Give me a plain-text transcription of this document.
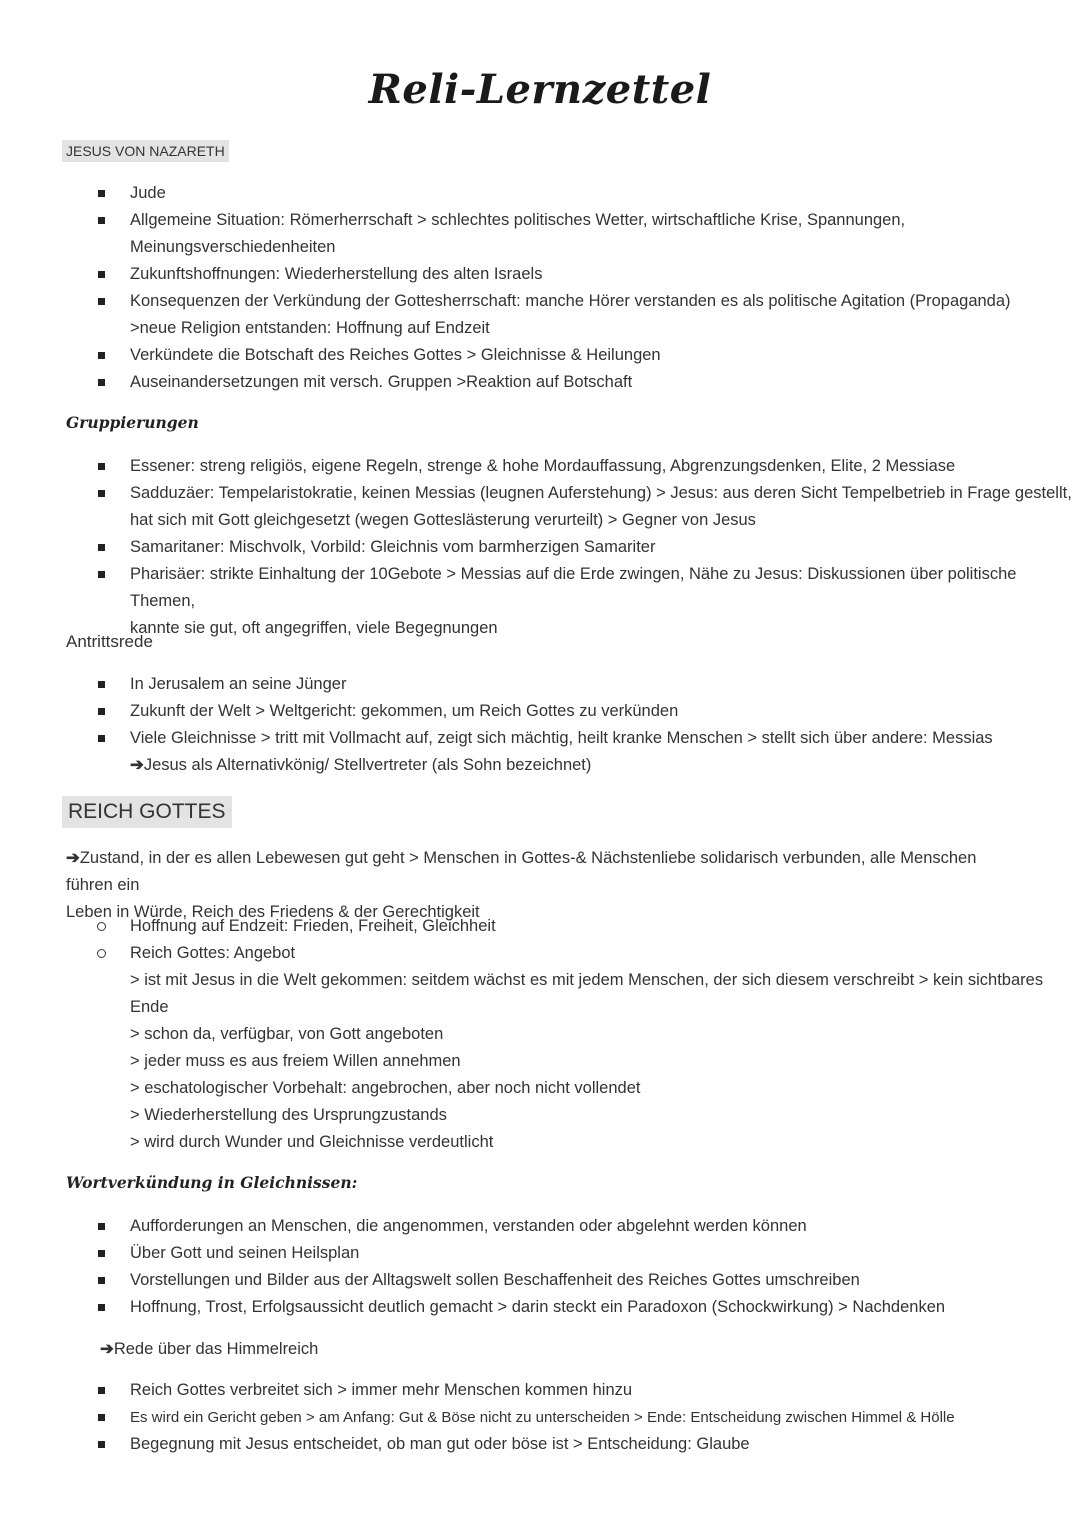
Reli-Lernzettel
JESUS VON NAZARETH
Jude
Allgemeine Situation: Römerherrschaft > schlechtes politisches Wetter, wirtschaftliche Krise, Spannungen,
Meinungsverschiedenheiten
Zukunftshoffnungen: Wiederherstellung des alten Israels
Konsequenzen der Verkündung der Gottesherrschaft: manche Hörer verstanden es als politische Agitation (Propaganda)
>neue Religion entstanden: Hoffnung auf Endzeit
Verkündete die Botschaft des Reiches Gottes > Gleichnisse & Heilungen
Auseinandersetzungen mit versch. Gruppen >Reaktion auf Botschaft
Gruppierungen
Essener: streng religiös, eigene Regeln, strenge & hohe Mordauffassung, Abgrenzungsdenken, Elite, 2 Messiase
Sadduzäer: Tempelaristokratie, keinen Messias (leugnen Auferstehung) > Jesus: aus deren Sicht Tempelbetrieb in Frage gestellt,
hat sich mit Gott gleichgesetzt (wegen Gotteslästerung verurteilt) > Gegner von Jesus
Samaritaner: Mischvolk, Vorbild: Gleichnis vom barmherzigen Samariter
Pharisäer: strikte Einhaltung der 10Gebote > Messias auf die Erde zwingen, Nähe zu Jesus: Diskussionen über politische Themen,
kannte sie gut, oft angegriffen, viele Begegnungen
Antrittsrede
In Jerusalem an seine Jünger
Zukunft der Welt > Weltgericht: gekommen, um Reich Gottes zu verkünden
Viele Gleichnisse > tritt mit Vollmacht auf, zeigt sich mächtig, heilt kranke Menschen > stellt sich über andere: Messias
➔Jesus als Alternativkönig/ Stellvertreter (als Sohn bezeichnet)
REICH GOTTES
➔Zustand, in der es allen Lebewesen gut geht > Menschen in Gottes-& Nächstenliebe solidarisch verbunden, alle Menschen führen ein
Leben in Würde, Reich des Friedens & der Gerechtigkeit
Hoffnung auf Endzeit: Frieden, Freiheit, Gleichheit
Reich Gottes: Angebot
> ist mit Jesus in die Welt gekommen: seitdem wächst es mit jedem Menschen, der sich diesem verschreibt > kein sichtbares
Ende
> schon da, verfügbar, von Gott angeboten
> jeder muss es aus freiem Willen annehmen
> eschatologischer Vorbehalt: angebrochen, aber noch nicht vollendet
> Wiederherstellung des Ursprungzustands
> wird durch Wunder und Gleichnisse verdeutlicht
Wortverkündung in Gleichnissen:
Aufforderungen an Menschen, die angenommen, verstanden oder abgelehnt werden können
Über Gott und seinen Heilsplan
Vorstellungen und Bilder aus der Alltagswelt sollen Beschaffenheit des Reiches Gottes umschreiben
Hoffnung, Trost, Erfolgsaussicht deutlich gemacht > darin steckt ein Paradoxon (Schockwirkung) > Nachdenken
➔Rede über das Himmelreich
Reich Gottes verbreitet sich > immer mehr Menschen kommen hinzu
Es wird ein Gericht geben > am Anfang: Gut & Böse nicht zu unterscheiden > Ende: Entscheidung zwischen Himmel & Hölle
Begegnung mit Jesus entscheidet, ob man gut oder böse ist > Entscheidung: Glaube
